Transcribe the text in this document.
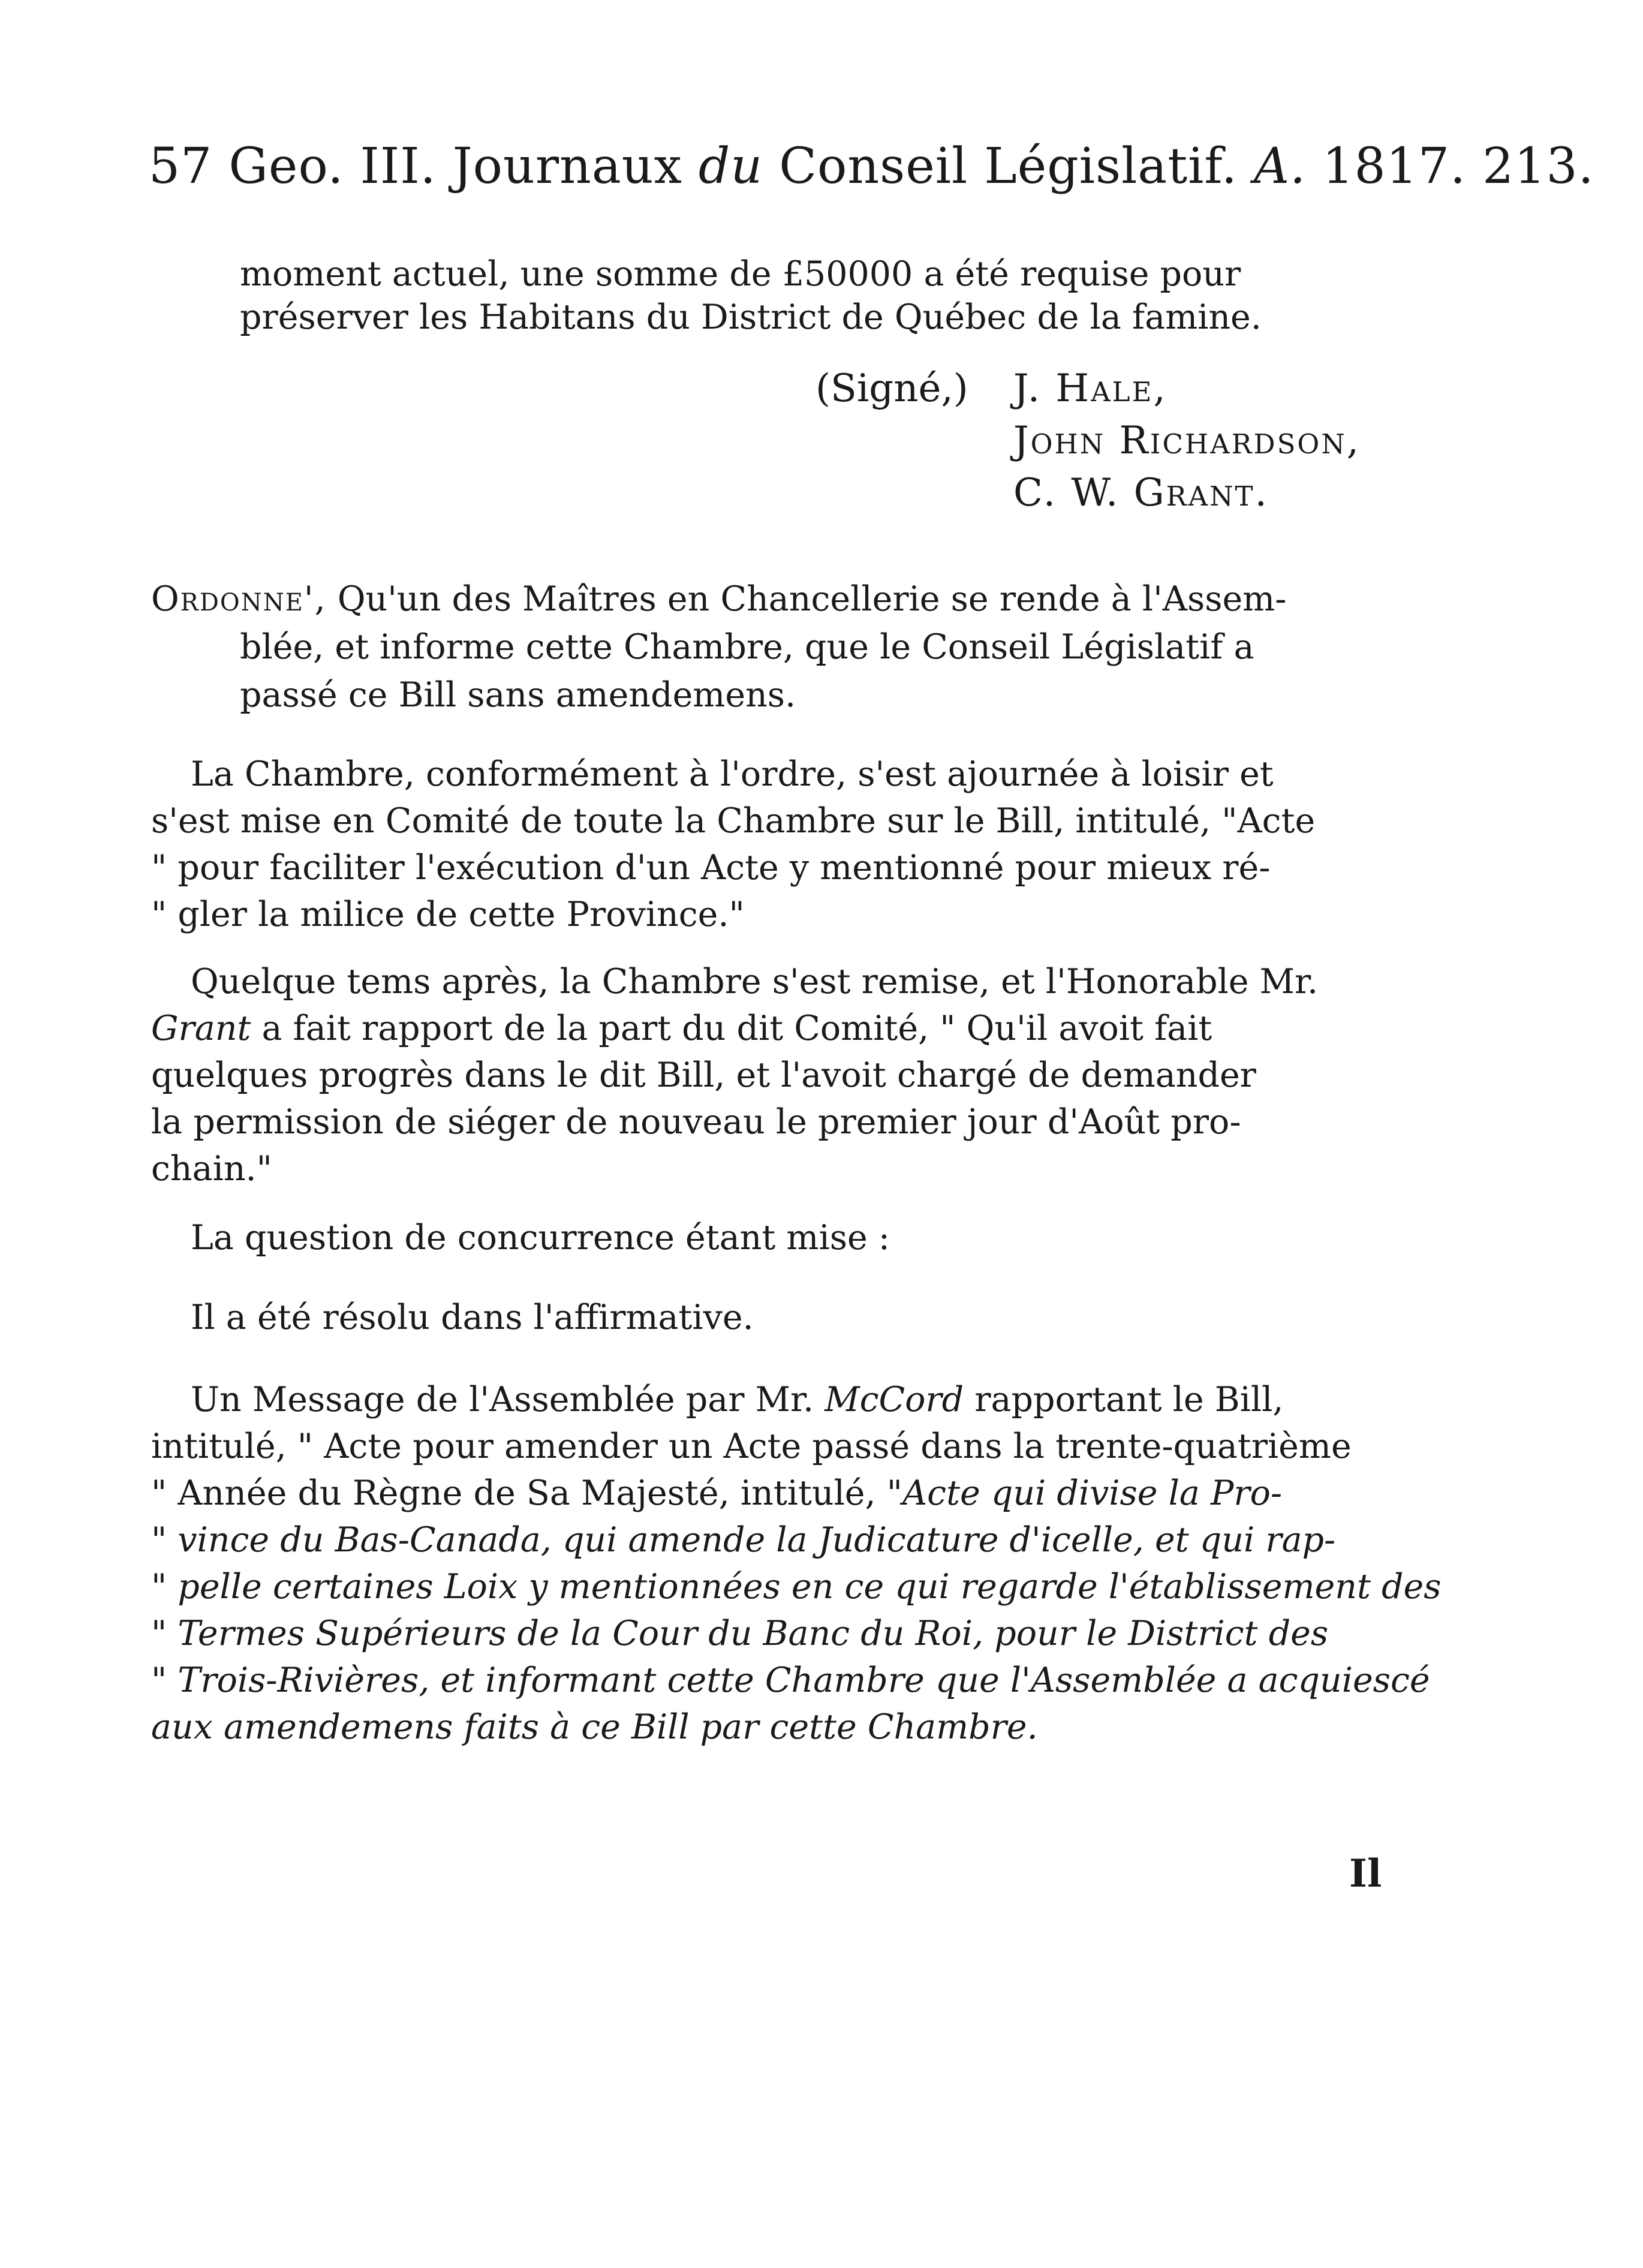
57 Geo. III. Journaux du Conseil Législatif. A. 1817. 213.
moment actuel, une somme de £50000 a été requise pour
préserver les Habitans du District de Québec de la famine.
(Signé,) J. Hale,
John Richardson,
C. W. Grant.
Ordonne', Qu'un des Maîtres en Chancellerie se rende à l'Assem-
blée, et informe cette Chambre, que le Conseil Législatif a
passé ce Bill sans amendemens.
La Chambre, conformément à l'ordre, s'est ajournée à loisir et
s'est mise en Comité de toute la Chambre sur le Bill, intitulé, "Acte
" pour faciliter l'exécution d'un Acte y mentionné pour mieux ré-
" gler la milice de cette Province."
Quelque tems après, la Chambre s'est remise, et l'Honorable Mr.
Grant a fait rapport de la part du dit Comité, " Qu'il avoit fait
quelques progrès dans le dit Bill, et l'avoit chargé de demander
la permission de siéger de nouveau le premier jour d'Août pro-
chain."
La question de concurrence étant mise :
Il a été résolu dans l'affirmative.
Un Message de l'Assemblée par Mr. McCord rapportant le Bill,
intitulé, " Acte pour amender un Acte passé dans la trente-quatrième
" Année du Règne de Sa Majesté, intitulé, "Acte qui divise la Pro-
" vince du Bas-Canada, qui amende la Judicature d'icelle, et qui rap-
" pelle certaines Loix y mentionnées en ce qui regarde l'établissement des
" Termes Supérieurs de la Cour du Banc du Roi, pour le District des
" Trois-Rivières, et informant cette Chambre que l'Assemblée a acquiescé
aux amendemens faits à ce Bill par cette Chambre.
Il
